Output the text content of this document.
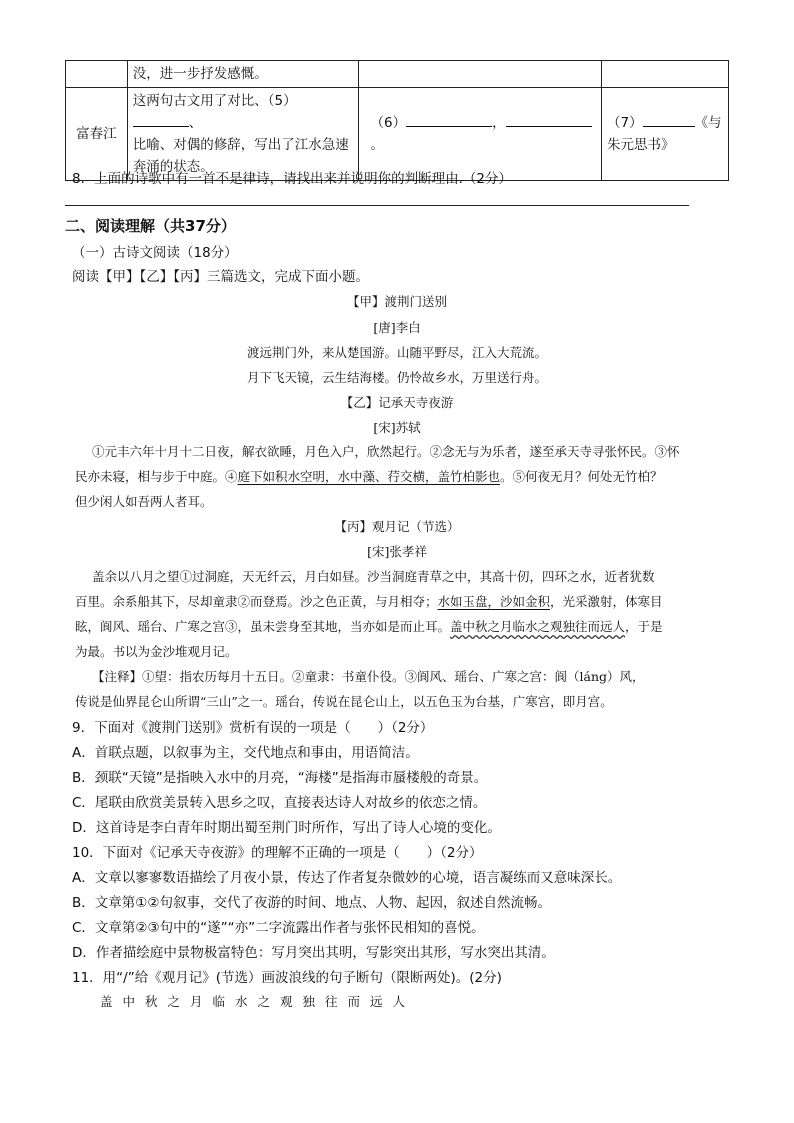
	没，进一步抒发感慨。		
富春江	这两句古文用了对比、（5）、
比喻、对偶的修辞，写出了江水急速
奔涌的状态。	（6） ，。	（7） 《与
朱元思书》
8．上面的诗歌中有一首不是律诗，请找出来并说明你的判断理由.（2分）
二、阅读理解（共37分）
（一）古诗文阅读（18分）
阅读【甲】【乙】【丙】三篇选文，完成下面小题。
【甲】渡荆门送别
[唐]李白
渡远荆门外，来从楚国游。山随平野尽，江入大荒流。
月下飞天镜，云生结海楼。仍怜故乡水，万里送行舟。
【乙】记承天寺夜游
[宋]苏轼
①元丰六年十月十二日夜，解衣欲睡，月色入户，欣然起行。②念无与为乐者，遂至承天寺寻张怀民。③怀
民亦未寝，相与步于中庭。④庭下如积水空明，水中藻、荇交横，盖竹柏影也。⑤何夜无月？何处无竹柏？
但少闲人如吾两人者耳。
【丙】观月记（节选）
[宋]张孝祥
盖余以八月之望①过洞庭，天无纤云，月白如昼。沙当洞庭青草之中，其高十仞，四环之水，近者犹数
百里。余系船其下，尽却童隶②而登焉。沙之色正黄，与月相夺；水如玉盘，沙如金积，光采激射，体寒目
眩，阆风、瑶台、广寒之宫③，虽未尝身至其地，当亦如是而止耳。盖中秋之月临水之观独往而远人，于是
为最。书以为金沙堆观月记。
【注释】①望：指农历每月十五日。②童隶：书童仆役。③阆风、瑶台、广寒之宫：阆（láng）风，
传说是仙界昆仑山所谓“三山”之一。瑶台，传说在昆仑山上，以五色玉为台基，广寒宫，即月宫。
9．下面对《渡荆门送别》赏析有误的一项是（　　）（2分）
A．首联点题，以叙事为主，交代地点和事由，用语简洁。
B．颈联“天镜”是指映入水中的月亮，“海楼”是指海市蜃楼般的奇景。
C．尾联由欣赏美景转入思乡之叹，直接表达诗人对故乡的依恋之情。
D．这首诗是李白青年时期出蜀至荆门时所作，写出了诗人心境的变化。
10．下面对《记承天寺夜游》的理解不正确的一项是（　　）（2分）
A．文章以寥寥数语描绘了月夜小景，传达了作者复杂微妙的心境，语言凝练而又意味深长。
B．文章第①②句叙事，交代了夜游的时间、地点、人物、起因，叙述自然流畅。
C．文章第②③句中的“遂”“亦”二字流露出作者与张怀民相知的喜悦。
D．作者描绘庭中景物极富特色：写月突出其明，写影突出其形，写水突出其清。
11．用“/”给《观月记》(节选）画波浪线的句子断句（限断两处)。(2分)
盖中秋之月临水之观独往而远人
